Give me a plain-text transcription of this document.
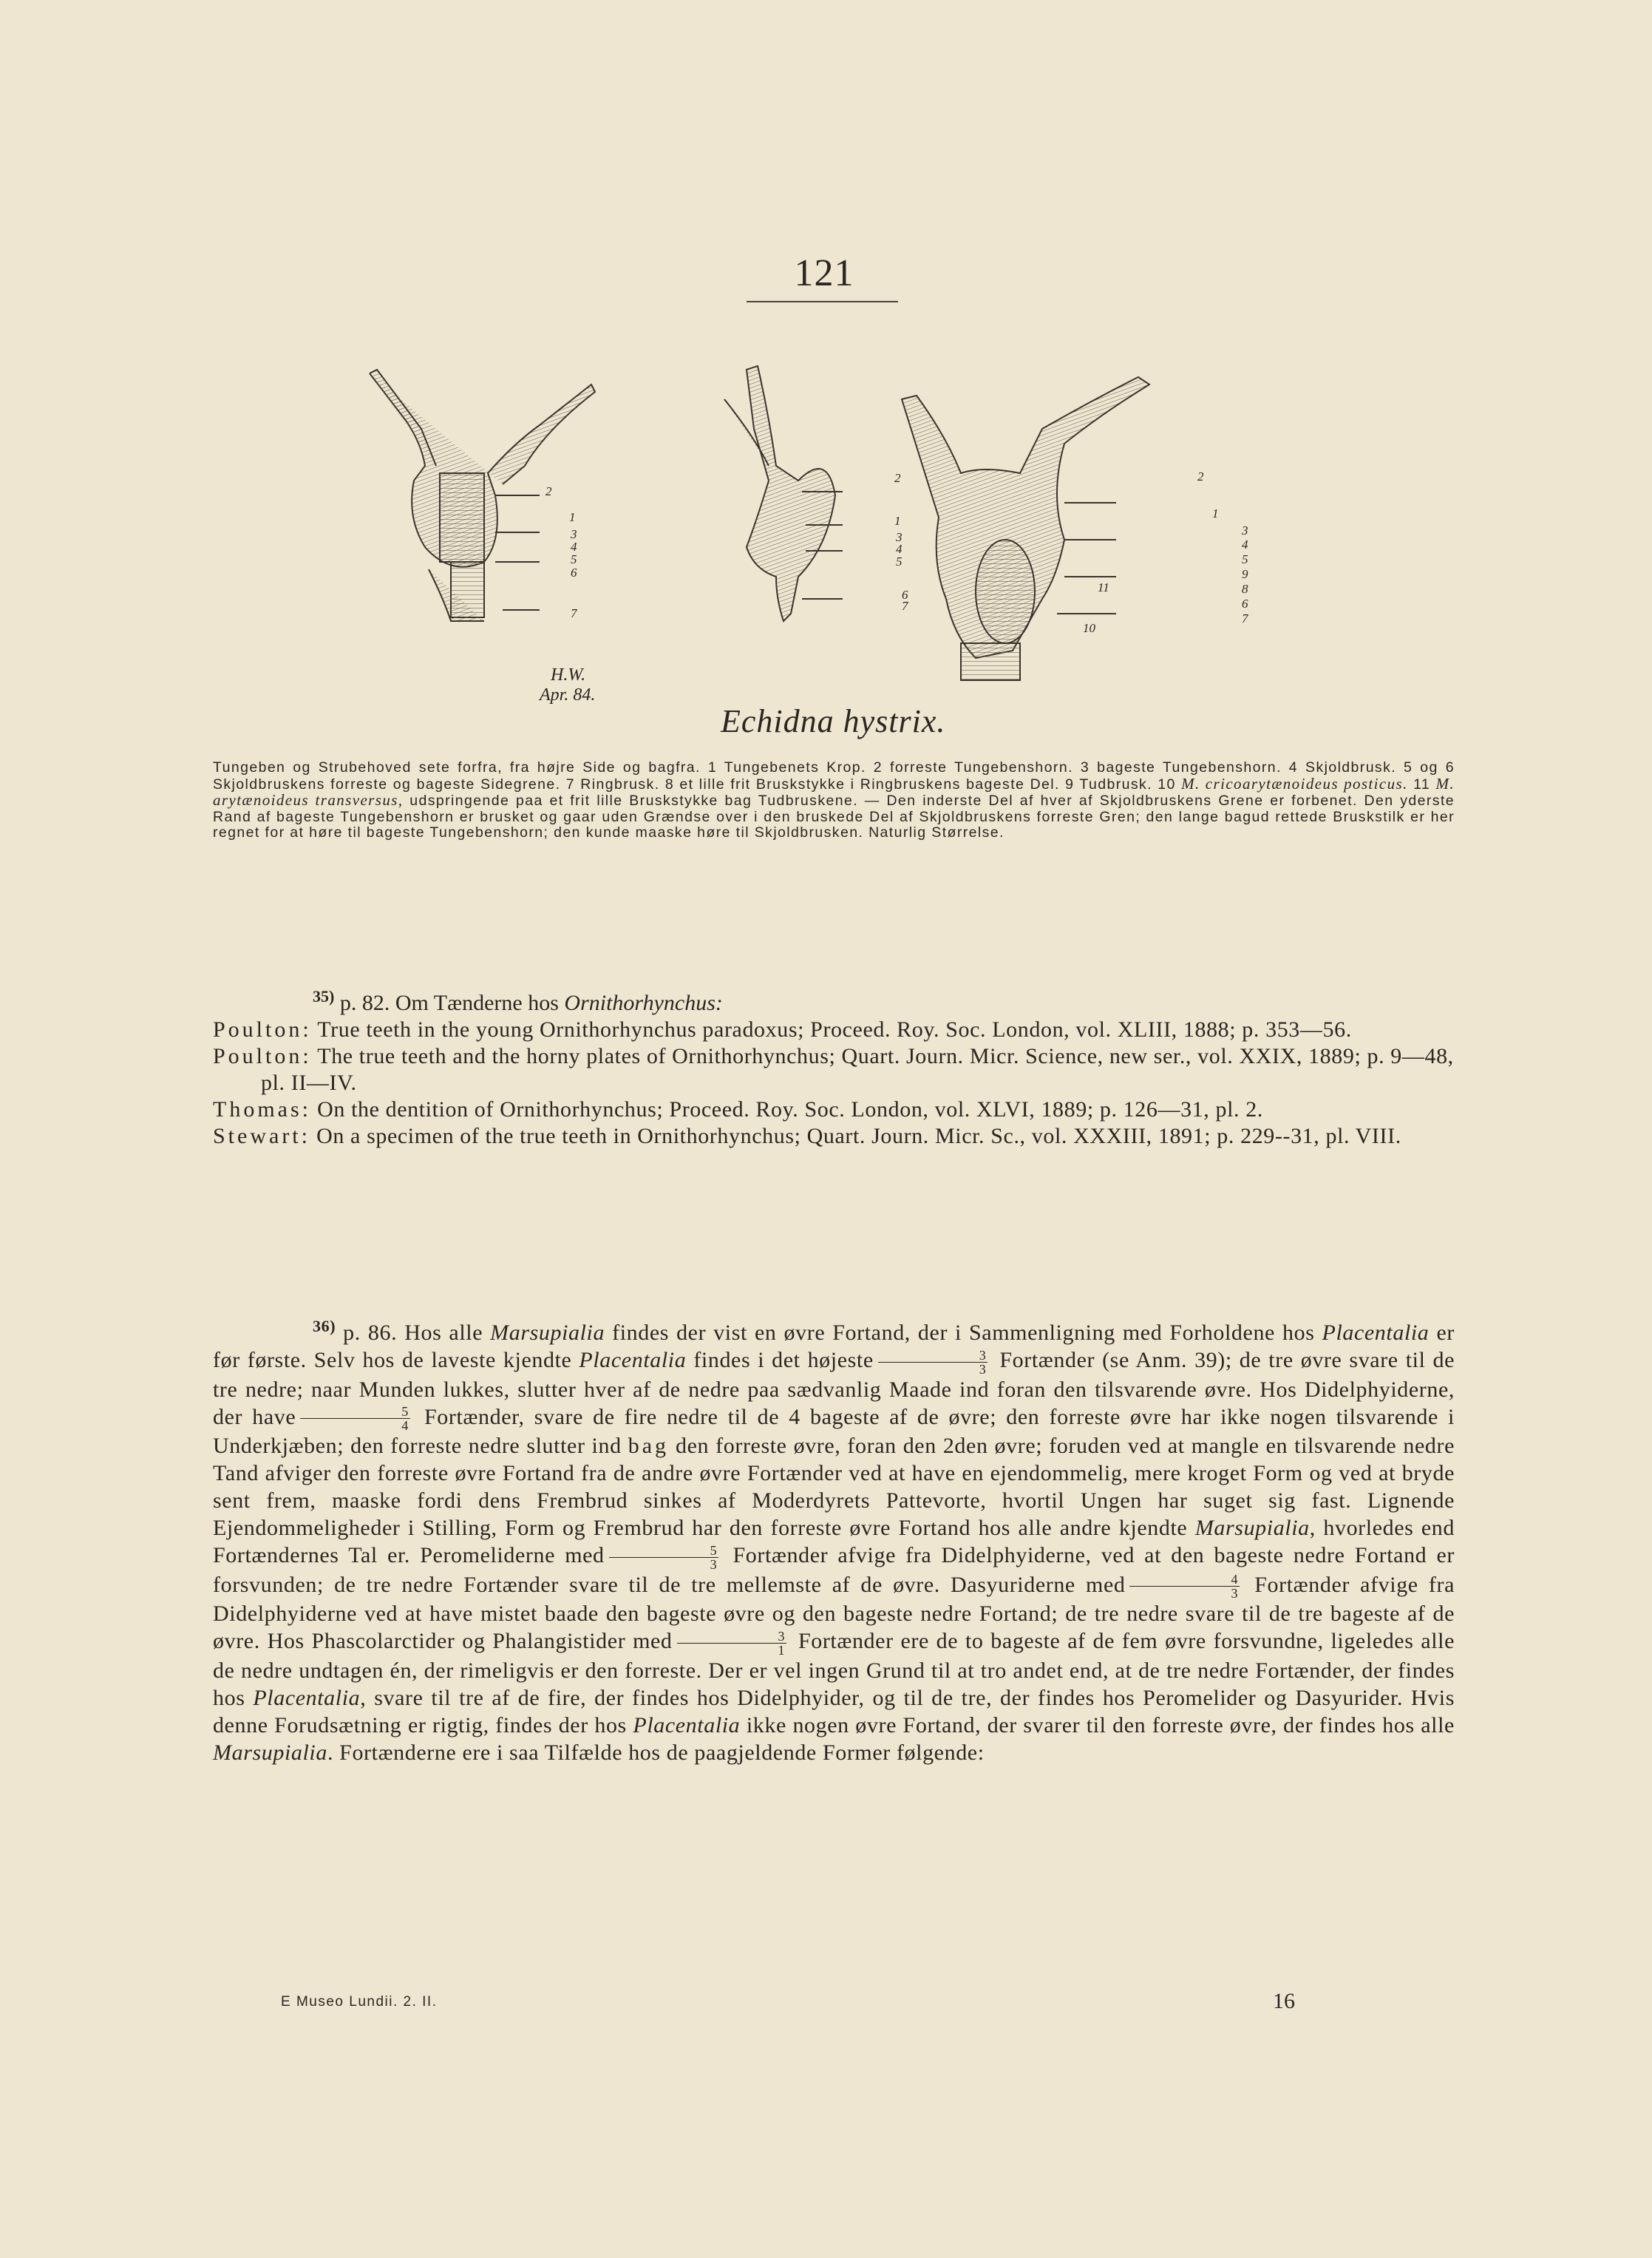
121
2
1
3
4
5
6
7
2
1
3
4
5
6
7
2
1
3
4
5
9
8
6
7
11
10
H.W.
Apr. 84.
Echidna hystrix.
Tungeben og Strubehoved sete forfra, fra højre Side og bagfra. 1 Tungebenets Krop. 2 forreste Tungebenshorn. 3 bageste Tungebenshorn. 4 Skjoldbrusk. 5 og 6 Skjoldbruskens forreste og bageste Sidegrene. 7 Ringbrusk. 8 et lille frit Bruskstykke i Ringbruskens bageste Del. 9 Tudbrusk. 10 M. cricoarytænoideus posticus. 11 M. arytænoideus transversus, udspringende paa et frit lille Bruskstykke bag Tudbruskene. — Den inderste Del af hver af Skjoldbruskens Grene er forbenet. Den yderste Rand af bageste Tungebenshorn er brusket og gaar uden Grændse over i den bruskede Del af Skjoldbruskens forreste Gren; den lange bagud rettede Bruskstilk er her regnet for at høre til bageste Tungebenshorn; den kunde maaske høre til Skjoldbrusken. Naturlig Størrelse.
$^{35)}$ p. 82. Om Tænderne hos Ornithorhynchus:
Poulton: True teeth in the young Ornithorhynchus paradoxus; Proceed. Roy. Soc. London, vol. XLIII, 1888; p. 353—56.
Poulton: The true teeth and the horny plates of Ornithorhynchus; Quart. Journ. Micr. Science, new ser., vol. XXIX, 1889; p. 9—48, pl. II—IV.
Thomas: On the dentition of Ornithorhynchus; Proceed. Roy. Soc. London, vol. XLVI, 1889; p. 126—31, pl. 2.
Stewart: On a specimen of the true teeth in Ornithorhynchus; Quart. Journ. Micr. Sc., vol. XXXIII, 1891; p. 229--31, pl. VIII.

$^{36)}$ p. 86. Hos alle Marsupialia findes der vist en øvre Fortand, der i Sammenligning med Forholdene hos Placentalia er før første. Selv hos de laveste kjendte Placentalia findes i det højeste $\frac{3}{3}$ Fortænder (se Anm. 39); de tre øvre svare til de tre nedre; naar Munden lukkes, slutter hver af de nedre paa sædvanlig Maade ind foran den tilsvarende øvre. Hos Didelphyiderne, der have $\frac{5}{4}$ Fortænder, svare de fire nedre til de 4 bageste af de øvre; den forreste øvre har ikke nogen tilsvarende i Underkjæben; den forreste nedre slutter ind bag den forreste øvre, foran den 2den øvre; foruden ved at mangle en tilsvarende nedre Tand afviger den forreste øvre Fortand fra de andre øvre Fortænder ved at have en ejendommelig, mere kroget Form og ved at bryde sent frem, maaske fordi dens Frembrud sinkes af Moderdyrets Pattevorte, hvortil Ungen har suget sig fast. Lignende Ejendommeligheder i Stilling, Form og Frembrud har den forreste øvre Fortand hos alle andre kjendte Marsupialia, hvorledes end Fortændernes Tal er. Peromeliderne med $\frac{5}{3}$ Fortænder afvige fra Didelphyiderne, ved at den bageste nedre Fortand er forsvunden; de tre nedre Fortænder svare til de tre mellemste af de øvre. Dasyuriderne med $\frac{4}{3}$ Fortænder afvige fra Didelphyiderne ved at have mistet baade den bageste øvre og den bageste nedre Fortand; de tre nedre svare til de tre bageste af de øvre. Hos Phascolarctider og Phalangistider med $\frac{3}{1}$ Fortænder ere de to bageste af de fem øvre forsvundne, ligeledes alle de nedre undtagen én, der rimeligvis er den forreste. Der er vel ingen Grund til at tro andet end, at de tre nedre Fortænder, der findes hos Placentalia, svare til tre af de fire, der findes hos Didelphyider, og til de tre, der findes hos Peromelider og Dasyurider. Hvis denne Forudsætning er rigtig, findes der hos Placentalia ikke nogen øvre Fortand, der svarer til den forreste øvre, der findes hos alle Marsupialia. Fortænderne ere i saa Tilfælde hos de paagjeldende Former følgende:

E Museo Lundii. 2. II.	16
